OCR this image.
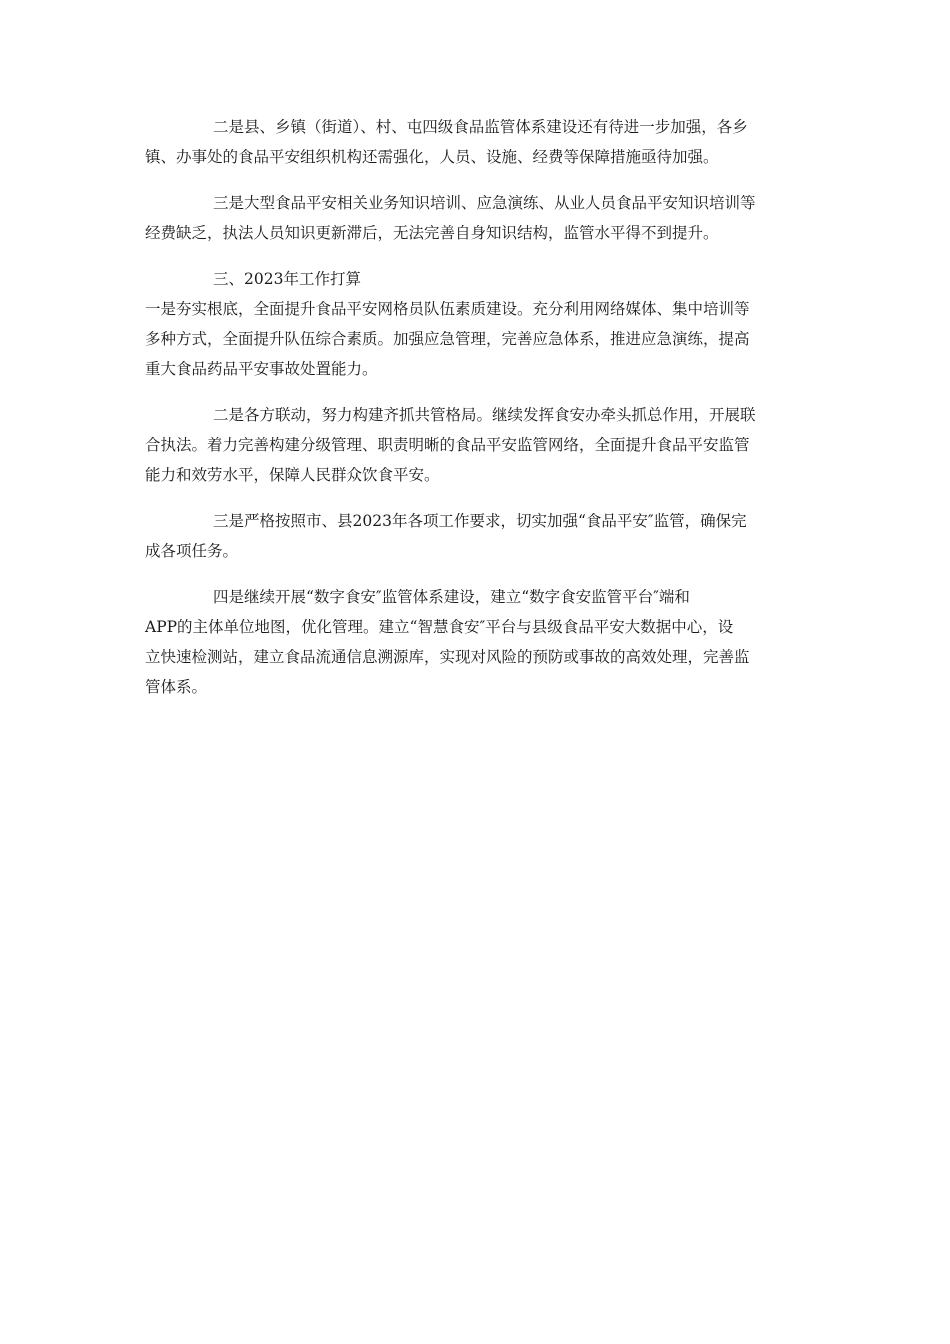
二是县、乡镇（街道）、村、屯四级食品监管体系建设还有待进一步加强，各乡
镇、办事处的食品平安组织机构还需强化，人员、设施、经费等保障措施亟待加强。

三是大型食品平安相关业务知识培训、应急演练、从业人员食品平安知识培训等
经费缺乏，执法人员知识更新滞后，无法完善自身知识结构，监管水平得不到提升。

三、2023年工作打算

一是夯实根底，全面提升食品平安网格员队伍素质建设。充分利用网络媒体、集中培训等
多种方式，全面提升队伍综合素质。加强应急管理，完善应急体系，推进应急演练，提高
重大食品药品平安事故处置能力。

二是各方联动，努力构建齐抓共管格局。继续发挥食安办牵头抓总作用，开展联
合执法。着力完善构建分级管理、职责明晰的食品平安监管网络，全面提升食品平安监管
能力和效劳水平，保障人民群众饮食平安。

三是严格按照市、县2023年各项工作要求，切实加强“食品平安″监管，确保完
成各项任务。

四是继续开展“数字食安″监管体系建设，建立“数字食安监管平台″端和
APP的主体单位地图，优化管理。建立“智慧食安″平台与县级食品平安大数据中心，设
立快速检测站，建立食品流通信息溯源库，实现对风险的预防或事故的高效处理，完善监
管体系。
